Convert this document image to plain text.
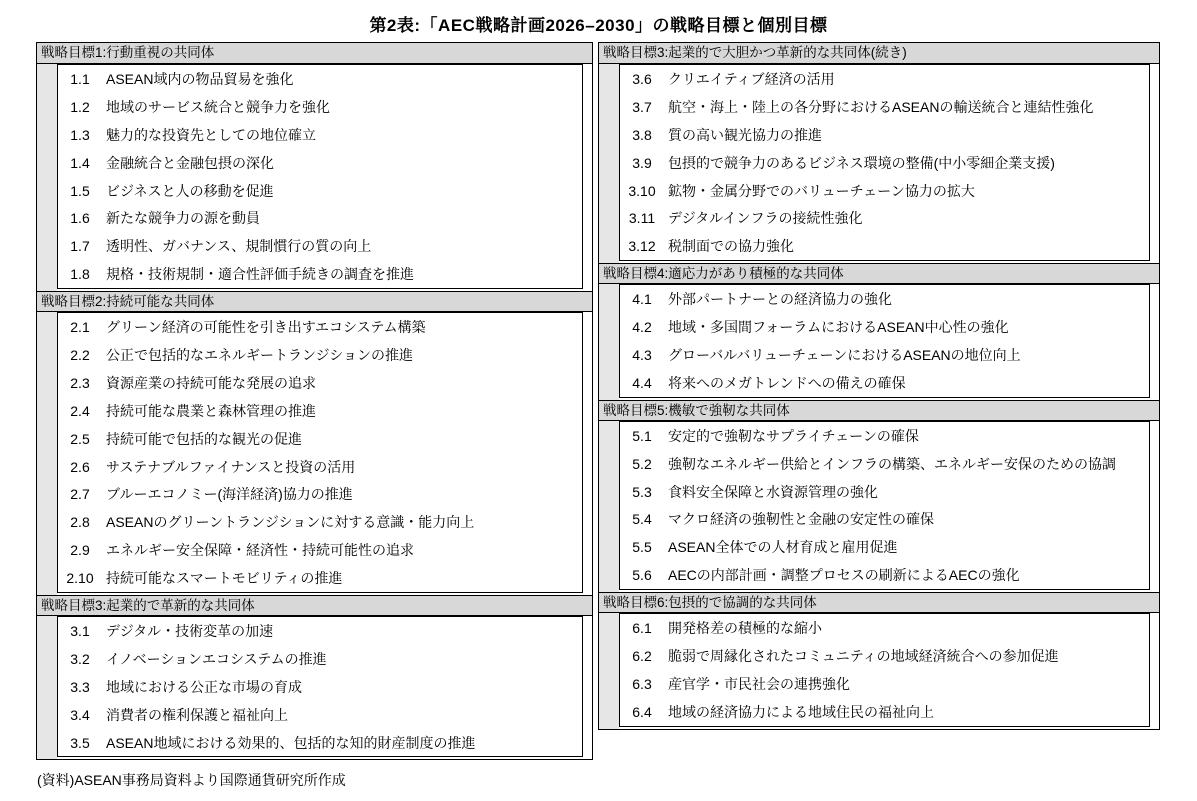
第2表:「AEC戦略計画2026–2030」の戦略目標と個別目標
戦略目標1:行動重視の共同体
1.1	ASEAN域内の物品貿易を強化
1.2	地域のサービス統合と競争力を強化
1.3	魅力的な投資先としての地位確立
1.4	金融統合と金融包摂の深化
1.5	ビジネスと人の移動を促進
1.6	新たな競争力の源を動員
1.7	透明性、ガバナンス、規制慣行の質の向上
1.8	規格・技術規制・適合性評価手続きの調査を推進
戦略目標2:持続可能な共同体
2.1	グリーン経済の可能性を引き出すエコシステム構築
2.2	公正で包括的なエネルギートランジションの推進
2.3	資源産業の持続可能な発展の追求
2.4	持続可能な農業と森林管理の推進
2.5	持続可能で包括的な観光の促進
2.6	サステナブルファイナンスと投資の活用
2.7	ブルーエコノミー(海洋経済)協力の推進
2.8	ASEANのグリーントランジションに対する意識・能力向上
2.9	エネルギー安全保障・経済性・持続可能性の追求
2.10 持続可能なスマートモビリティの推進
戦略目標3:起業的で革新的な共同体
3.1	デジタル・技術変革の加速
3.2	イノベーションエコシステムの推進
3.3	地域における公正な市場の育成
3.4	消費者の権利保護と福祉向上
3.5	ASEAN地域における効果的、包括的な知的財産制度の推進
戦略目標3:起業的で大胆かつ革新的な共同体(続き)
3.6	クリエイティブ経済の活用
3.7	航空・海上・陸上の各分野におけるASEANの輸送統合と連結性強化
3.8	質の高い観光協力の推進
3.9	包摂的で競争力のあるビジネス環境の整備(中小零細企業支援)
3.10 鉱物・金属分野でのバリューチェーン協力の拡大
3.11 デジタルインフラの接続性強化
3.12 税制面での協力強化
戦略目標4:適応力があり積極的な共同体
4.1	外部パートナーとの経済協力の強化
4.2	地域・多国間フォーラムにおけるASEAN中心性の強化
4.3	グローバルバリューチェーンにおけるASEANの地位向上
4.4	将来へのメガトレンドへの備えの確保
戦略目標5:機敏で強靭な共同体
5.1	安定的で強靭なサプライチェーンの確保
5.2	強靭なエネルギー供給とインフラの構築、エネルギー安保のための協調
5.3	食料安全保障と水資源管理の強化
5.4	マクロ経済の強靭性と金融の安定性の確保
5.5	ASEAN全体での人材育成と雇用促進
5.6	AECの内部計画・調整プロセスの刷新によるAECの強化
戦略目標6:包摂的で協調的な共同体
6.1	開発格差の積極的な縮小
6.2	脆弱で周縁化されたコミュニティの地域経済統合への参加促進
6.3	産官学・市民社会の連携強化
6.4	地域の経済協力による地域住民の福祉向上
(資料)ASEAN事務局資料より国際通貨研究所作成
